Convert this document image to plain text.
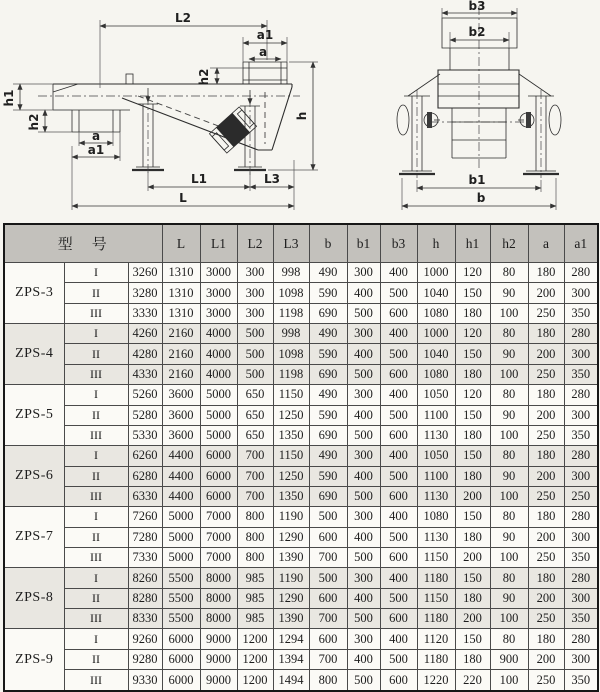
L2
a1
a
h2
h1
h2
a
a1
L1	L3
L
h
b3
b2
b1
b
型　号			L	L1	L2	L3	b	b1	b3	h	h1	h2	a	a1
ZPS-3	I	3260	1310	3000	300	998	490	300	400	1000	120	80	180	280
	II	3280	1310	3000	300	1098	590	400	500	1040	150	90	200	300
	III	3330	1310	3000	300	1198	690	500	600	1080	180	100	250	350
ZPS-4	I	4260	2160	4000	500	998	490	300	400	1000	120	80	180	280
	II	4280	2160	4000	500	1098	590	400	500	1040	150	90	200	300
	III	4330	2160	4000	500	1198	690	500	600	1080	180	100	250	350
ZPS-5	I	5260	3600	5000	650	1150	490	300	400	1050	120	80	180	280
	II	5280	3600	5000	650	1250	590	400	500	1100	150	90	200	300
	III	5330	3600	5000	650	1350	690	500	600	1130	180	100	250	350
ZPS-6	I	6260	4400	6000	700	1150	490	300	400	1050	150	80	180	280
	II	6280	4400	6000	700	1250	590	400	500	1100	180	90	200	300
	III	6330	4400	6000	700	1350	690	500	600	1130	200	100	250	250
ZPS-7	I	7260	5000	7000	800	1190	500	300	400	1080	150	80	180	280
	II	7280	5000	7000	800	1290	600	400	500	1130	180	90	200	300
	III	7330	5000	7000	800	1390	700	500	600	1150	200	100	250	350
ZPS-8	I	8260	5500	8000	985	1190	500	300	400	1180	150	80	180	280
	II	8280	5500	8000	985	1290	600	400	500	1150	180	90	200	300
	III	8330	5500	8000	985	1390	700	500	600	1180	200	100	250	350
ZPS-9	I	9260	6000	9000	1200	1294	600	300	400	1120	150	80	180	280
	II	9280	6000	9000	1200	1394	700	400	500	1180	180	900	200	300
	III	9330	6000	9000	1200	1494	800	500	600	1220	220	100	250	350
